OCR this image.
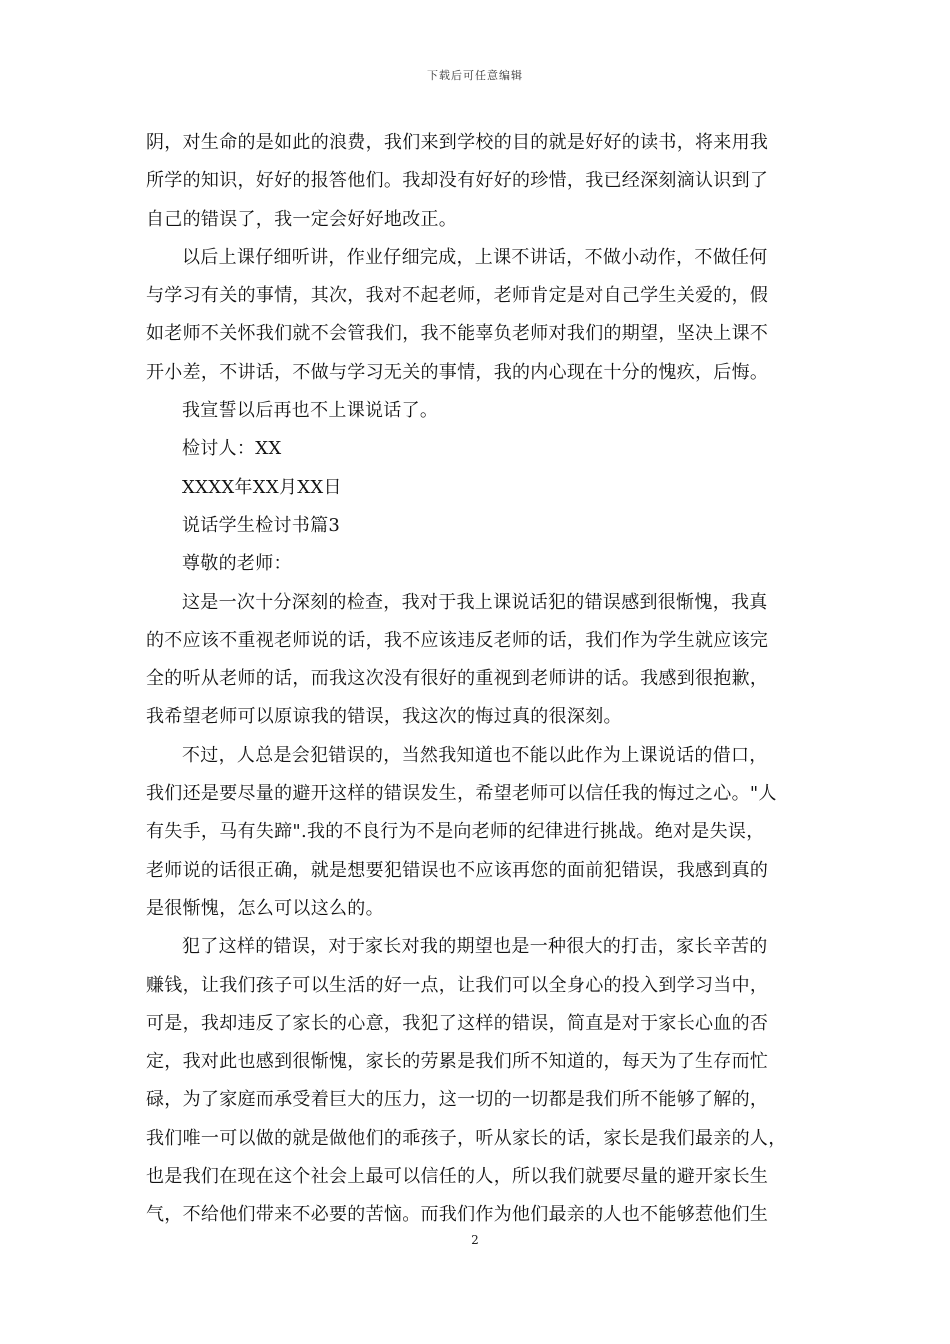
下载后可任意编辑
阴，对生命的是如此的浪费，我们来到学校的目的就是好好的读书，将来用我
所学的知识，好好的报答他们。我却没有好好的珍惜，我已经深刻滴认识到了
自己的错误了，我一定会好好地改正。
以后上课仔细听讲，作业仔细完成，上课不讲话，不做小动作，不做任何
与学习有关的事情，其次，我对不起老师，老师肯定是对自己学生关爱的，假
如老师不关怀我们就不会管我们，我不能辜负老师对我们的期望，坚决上课不
开小差，不讲话，不做与学习无关的事情，我的内心现在十分的愧疚，后悔。
我宣誓以后再也不上课说话了。
检讨人：XX
XXXX年XX月XX日
说话学生检讨书篇3
尊敬的老师：
这是一次十分深刻的检查，我对于我上课说话犯的错误感到很惭愧，我真
的不应该不重视老师说的话，我不应该违反老师的话，我们作为学生就应该完
全的听从老师的话，而我这次没有很好的重视到老师讲的话。我感到很抱歉，
我希望老师可以原谅我的错误，我这次的悔过真的很深刻。
不过，人总是会犯错误的，当然我知道也不能以此作为上课说话的借口，
我们还是要尽量的避开这样的错误发生，希望老师可以信任我的悔过之心。"人
有失手，马有失蹄".我的不良行为不是向老师的纪律进行挑战。绝对是失误，
老师说的话很正确，就是想要犯错误也不应该再您的面前犯错误，我感到真的
是很惭愧，怎么可以这么的。
犯了这样的错误，对于家长对我的期望也是一种很大的打击，家长辛苦的
赚钱，让我们孩子可以生活的好一点，让我们可以全身心的投入到学习当中，
可是，我却违反了家长的心意，我犯了这样的错误，简直是对于家长心血的否
定，我对此也感到很惭愧，家长的劳累是我们所不知道的，每天为了生存而忙
碌，为了家庭而承受着巨大的压力，这一切的一切都是我们所不能够了解的，
我们唯一可以做的就是做他们的乖孩子，听从家长的话，家长是我们最亲的人，
也是我们在现在这个社会上最可以信任的人，所以我们就要尽量的避开家长生
气，不给他们带来不必要的苦恼。而我们作为他们最亲的人也不能够惹他们生
2
